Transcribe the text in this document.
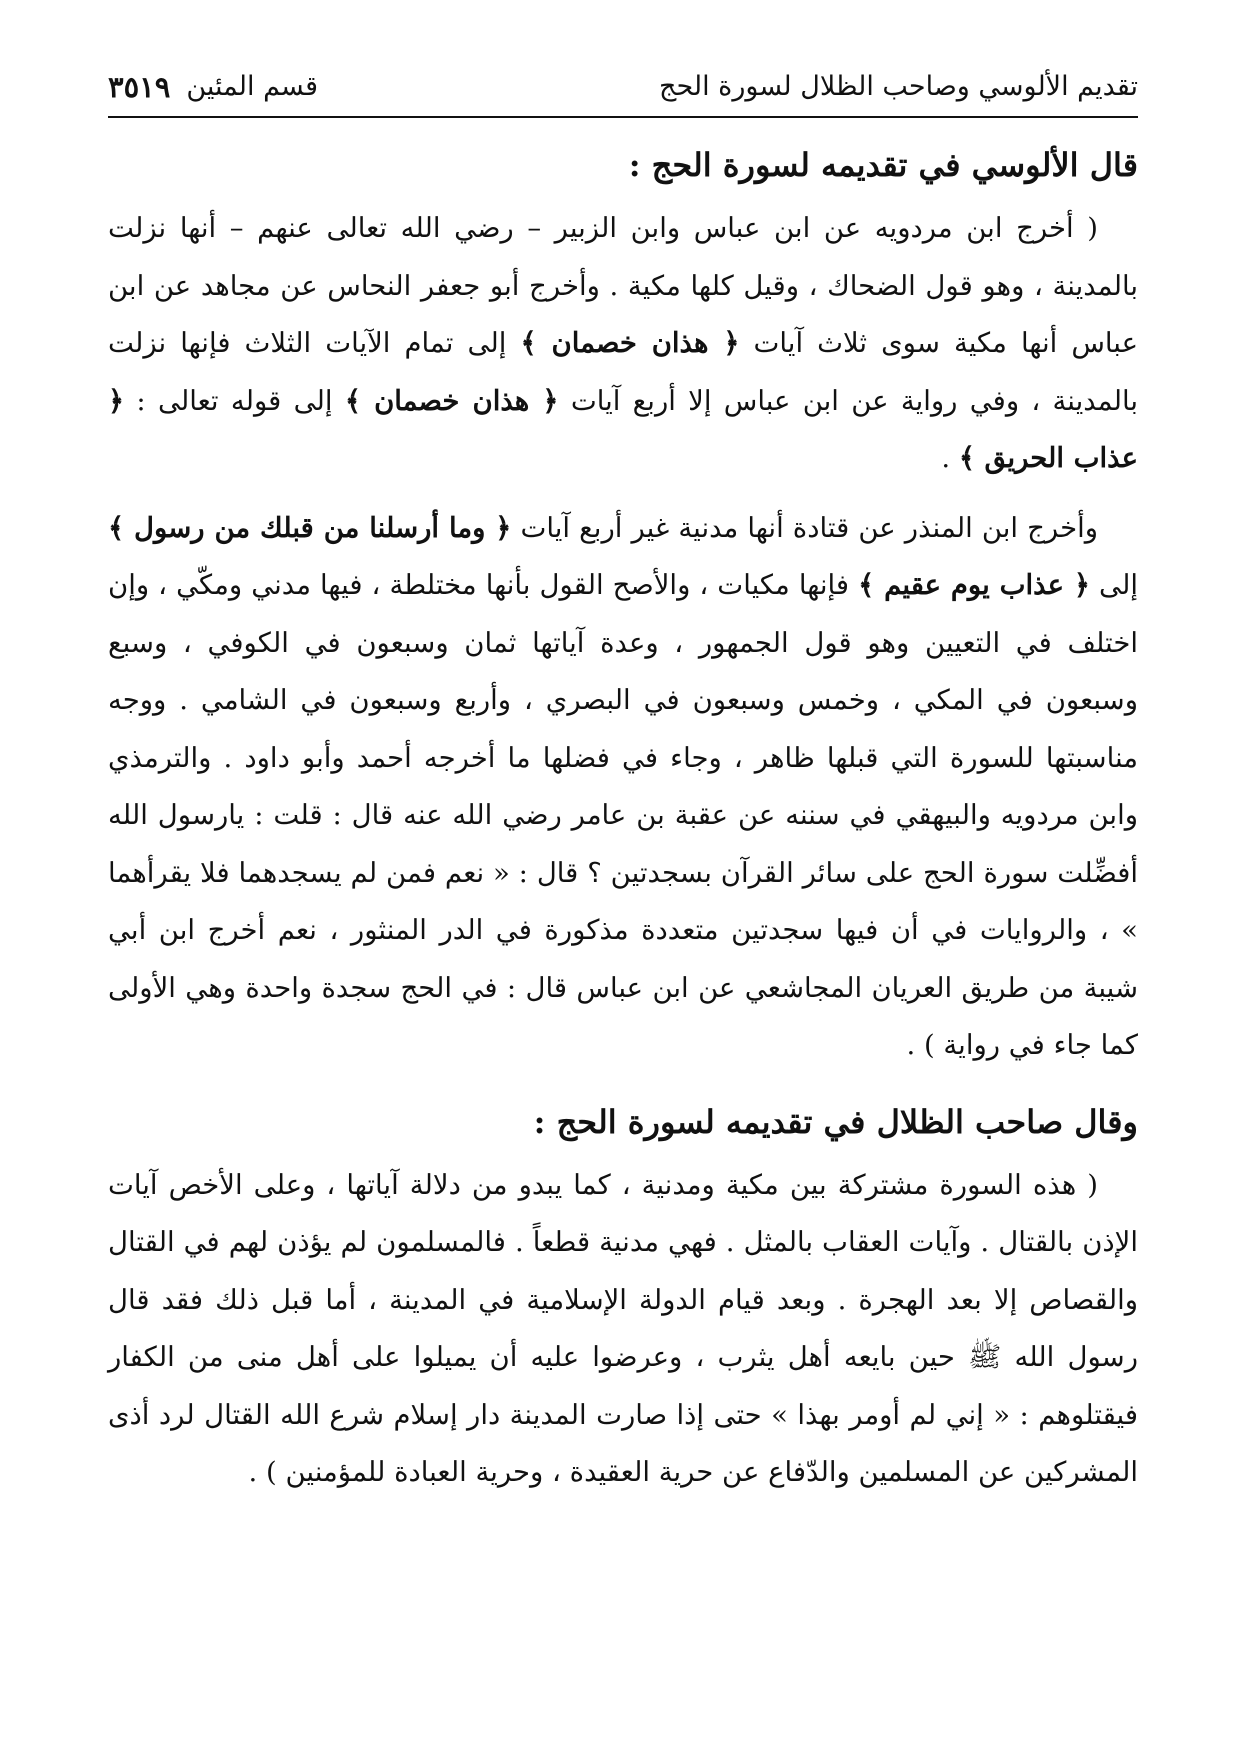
تقديم الألوسي وصاحب الظلال لسورة الحج
قسم المئين
٣٥١٩
قال الألوسي في تقديمه لسورة الحج :

( أخرج ابن مردويه عن ابن عباس وابن الزبير – رضي الله تعالى عنهم – أنها نزلت بالمدينة ، وهو قول الضحاك ، وقيل كلها مكية . وأخرج أبو جعفر النحاس عن مجاهد عن ابن عباس أنها مكية سوى ثلاث آيات ﴿ هذان خصمان ﴾ إلى تمام الآيات الثلاث فإنها نزلت بالمدينة ، وفي رواية عن ابن عباس إلا أربع آيات ﴿ هذان خصمان ﴾ إلى قوله تعالى : ﴿ عذاب الحريق ﴾ .

وأخرج ابن المنذر عن قتادة أنها مدنية غير أربع آيات ﴿ وما أرسلنا من قبلك من رسول ﴾ إلى ﴿ عذاب يوم عقيم ﴾ فإنها مكيات ، والأصح القول بأنها مختلطة ، فيها مدني ومكّي ، وإن اختلف في التعيين وهو قول الجمهور ، وعدة آياتها ثمان وسبعون في الكوفي ، وسبع وسبعون في المكي ، وخمس وسبعون في البصري ، وأربع وسبعون في الشامي . ووجه مناسبتها للسورة التي قبلها ظاهر ، وجاء في فضلها ما أخرجه أحمد وأبو داود . والترمذي وابن مردويه والبيهقي في سننه عن عقبة بن عامر رضي الله عنه قال : قلت : يارسول الله أفضِّلت سورة الحج على سائر القرآن بسجدتين ؟ قال : « نعم فمن لم يسجدهما فلا يقرأهما » ، والروايات في أن فيها سجدتين متعددة مذكورة في الدر المنثور ، نعم أخرج ابن أبي شيبة من طريق العريان المجاشعي عن ابن عباس قال : في الحج سجدة واحدة وهي الأولى كما جاء في رواية ) .

وقال صاحب الظلال في تقديمه لسورة الحج :

( هذه السورة مشتركة بين مكية ومدنية ، كما يبدو من دلالة آياتها ، وعلى الأخص آيات الإذن بالقتال . وآيات العقاب بالمثل . فهي مدنية قطعاً . فالمسلمون لم يؤذن لهم في القتال والقصاص إلا بعد الهجرة . وبعد قيام الدولة الإسلامية في المدينة ، أما قبل ذلك فقد قال رسول الله ﷺ حين بايعه أهل يثرب ، وعرضوا عليه أن يميلوا على أهل منى من الكفار فيقتلوهم : « إني لم أومر بهذا » حتى إذا صارت المدينة دار إسلام شرع الله القتال لرد أذى المشركين عن المسلمين والدّفاع عن حرية العقيدة ، وحرية العبادة للمؤمنين ) .
